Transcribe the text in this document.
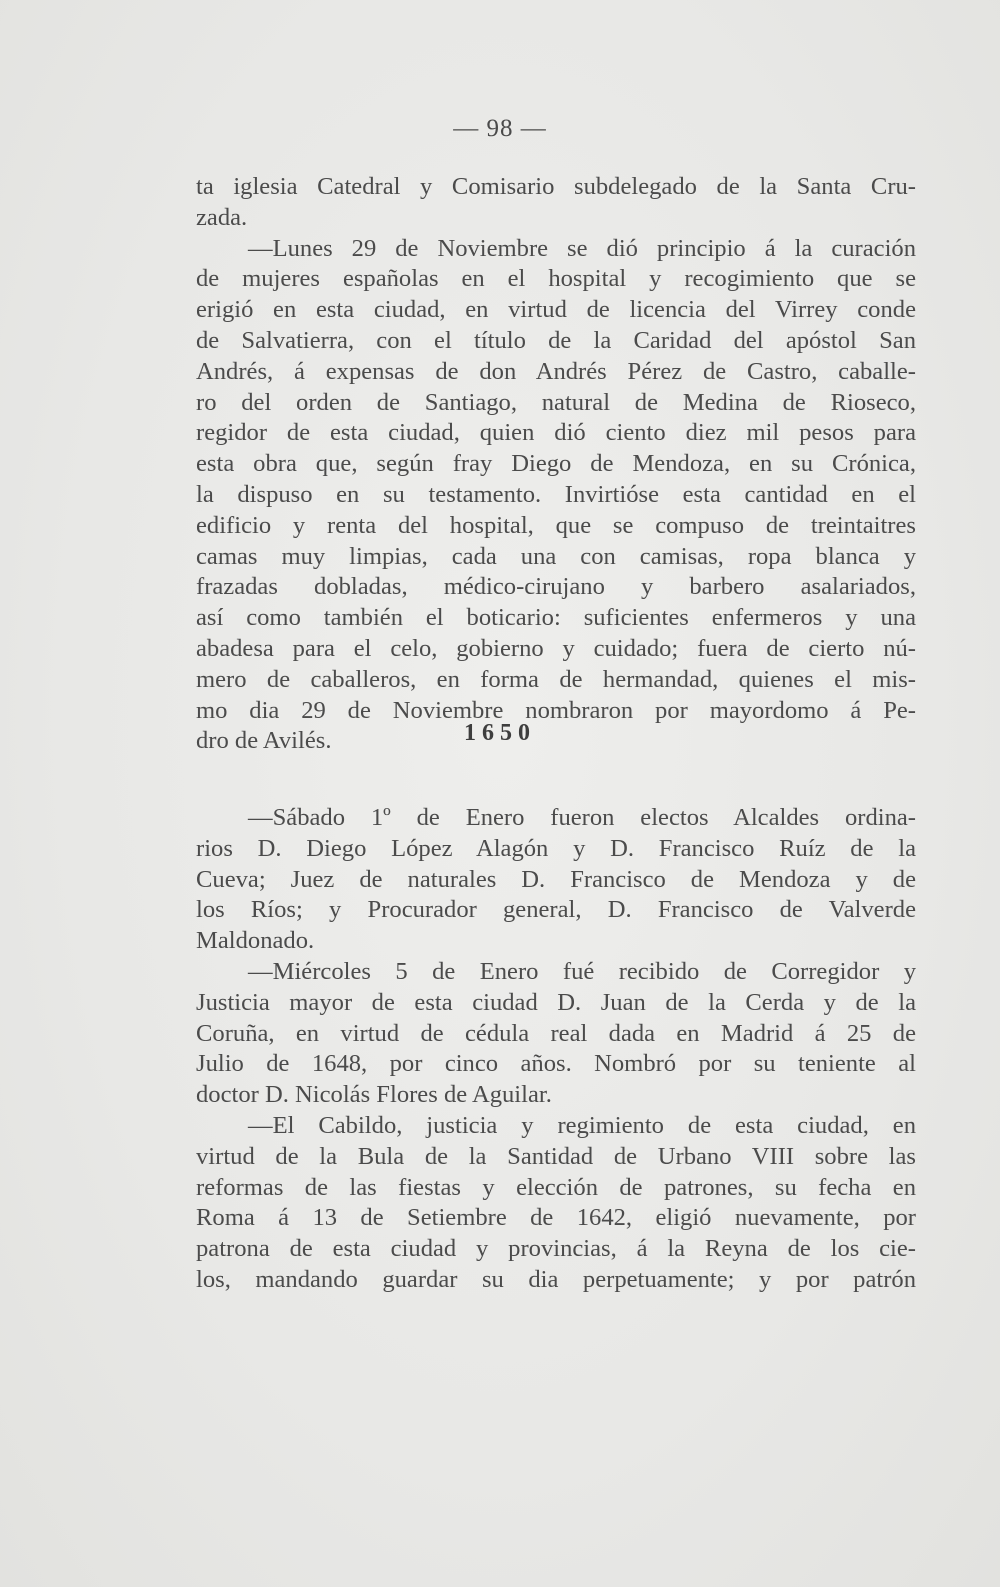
— 98 —
ta iglesia Catedral y Comisario subdelegado de la Santa Cru-
zada.
—Lunes 29 de Noviembre se dió principio á la curación
de mujeres españolas en el hospital y recogimiento que se
erigió en esta ciudad, en virtud de licencia del Virrey conde
de Salvatierra, con el título de la Caridad del apóstol San
Andrés, á expensas de don Andrés Pérez de Castro, caballe-
ro del orden de Santiago, natural de Medina de Rioseco,
regidor de esta ciudad, quien dió ciento diez mil pesos para
esta obra que, según fray Diego de Mendoza, en su Crónica,
la dispuso en su testamento. Invirtióse esta cantidad en el
edificio y renta del hospital, que se compuso de treintaitres
camas muy limpias, cada una con camisas, ropa blanca y
frazadas dobladas, médico-cirujano y barbero asalariados,
así como también el boticario: suficientes enfermeros y una
abadesa para el celo, gobierno y cuidado; fuera de cierto nú-
mero de caballeros, en forma de hermandad, quienes el mis-
mo dia 29 de Noviembre nombraron por mayordomo á Pe-
dro de Avilés.	1650
—Sábado 1º de Enero fueron electos Alcaldes ordina-
rios D. Diego López Alagón y D. Francisco Ruíz de la
Cueva; Juez de naturales D. Francisco de Mendoza y de
los Ríos; y Procurador general, D. Francisco de Valverde
Maldonado.
—Miércoles 5 de Enero fué recibido de Corregidor y
Justicia mayor de esta ciudad D. Juan de la Cerda y de la
Coruña, en virtud de cédula real dada en Madrid á 25 de
Julio de 1648, por cinco años. Nombró por su teniente al
doctor D. Nicolás Flores de Aguilar.
—El Cabildo, justicia y regimiento de esta ciudad, en
virtud de la Bula de la Santidad de Urbano VIII sobre las
reformas de las fiestas y elección de patrones, su fecha en
Roma á 13 de Setiembre de 1642, eligió nuevamente, por
patrona de esta ciudad y provincias, á la Reyna de los cie-
los, mandando guardar su dia perpetuamente; y por patrón
